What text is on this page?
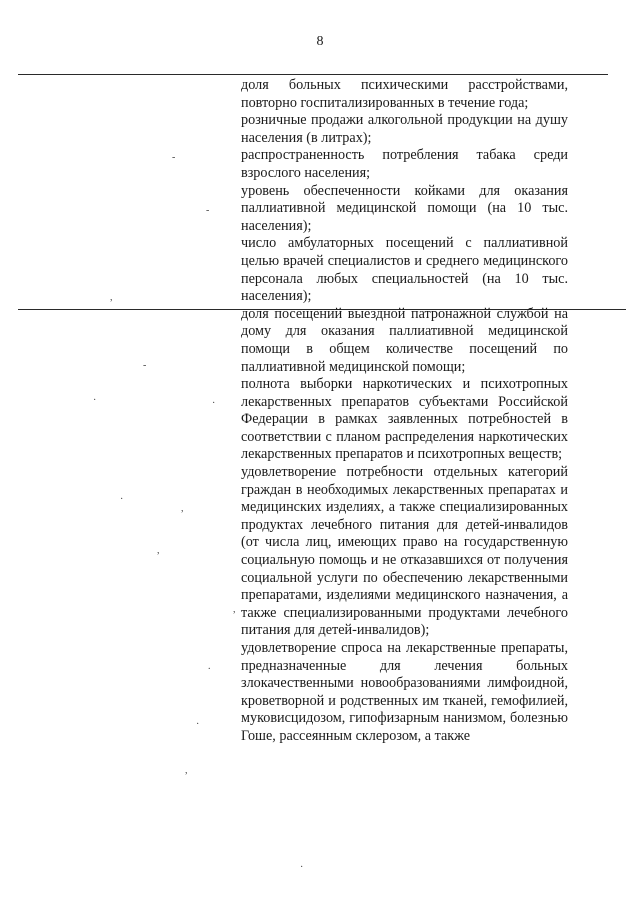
8
доля больных психическими расстройствами, повторно госпитализированных в течение года;
розничные продажи алкогольной продукции на душу населения (в литрах);
распространенность потребления табака среди взрослого населения;
уровень обеспеченности койками для оказания паллиативной медицинской помощи (на 10 тыс. населения);
число амбулаторных посещений с паллиативной целью врачей специалистов и среднего медицинского персонала любых специальностей (на 10 тыс. населения);
доля посещений выездной патронажной службой на дому для оказания паллиативной медицинской помощи в общем количестве посещений по паллиативной медицинской помощи;
полнота выборки наркотических и психотропных лекарственных препаратов субъектами Российской Федерации в рамках заявленных потребностей в соответствии с планом распределения наркотических лекарственных препаратов и психотропных веществ;
удовлетворение потребности отдельных категорий граждан в необходимых лекарственных препаратах и медицинских изделиях, а также специализированных продуктах лечебного питания для детей-инвалидов (от числа лиц, имеющих право на государственную социальную помощь и не отказавшихся от получения социальной услуги по обеспечению лекарственными препаратами, изделиями медицинского назначения, а также специализированными продуктами лечебного питания для детей-инвалидов);
удовлетворение спроса на лекарственные препараты, предназначенные для лечения больных злокачественными новообразованиями лимфоидной, кроветворной и родственных им тканей, гемофилией, муковисцидозом, гипофизарным нанизмом, болезнью Гоше, рассеянным склерозом, а также
-
-
,
-
·	·
·
,
,
,
.
·
,
·
